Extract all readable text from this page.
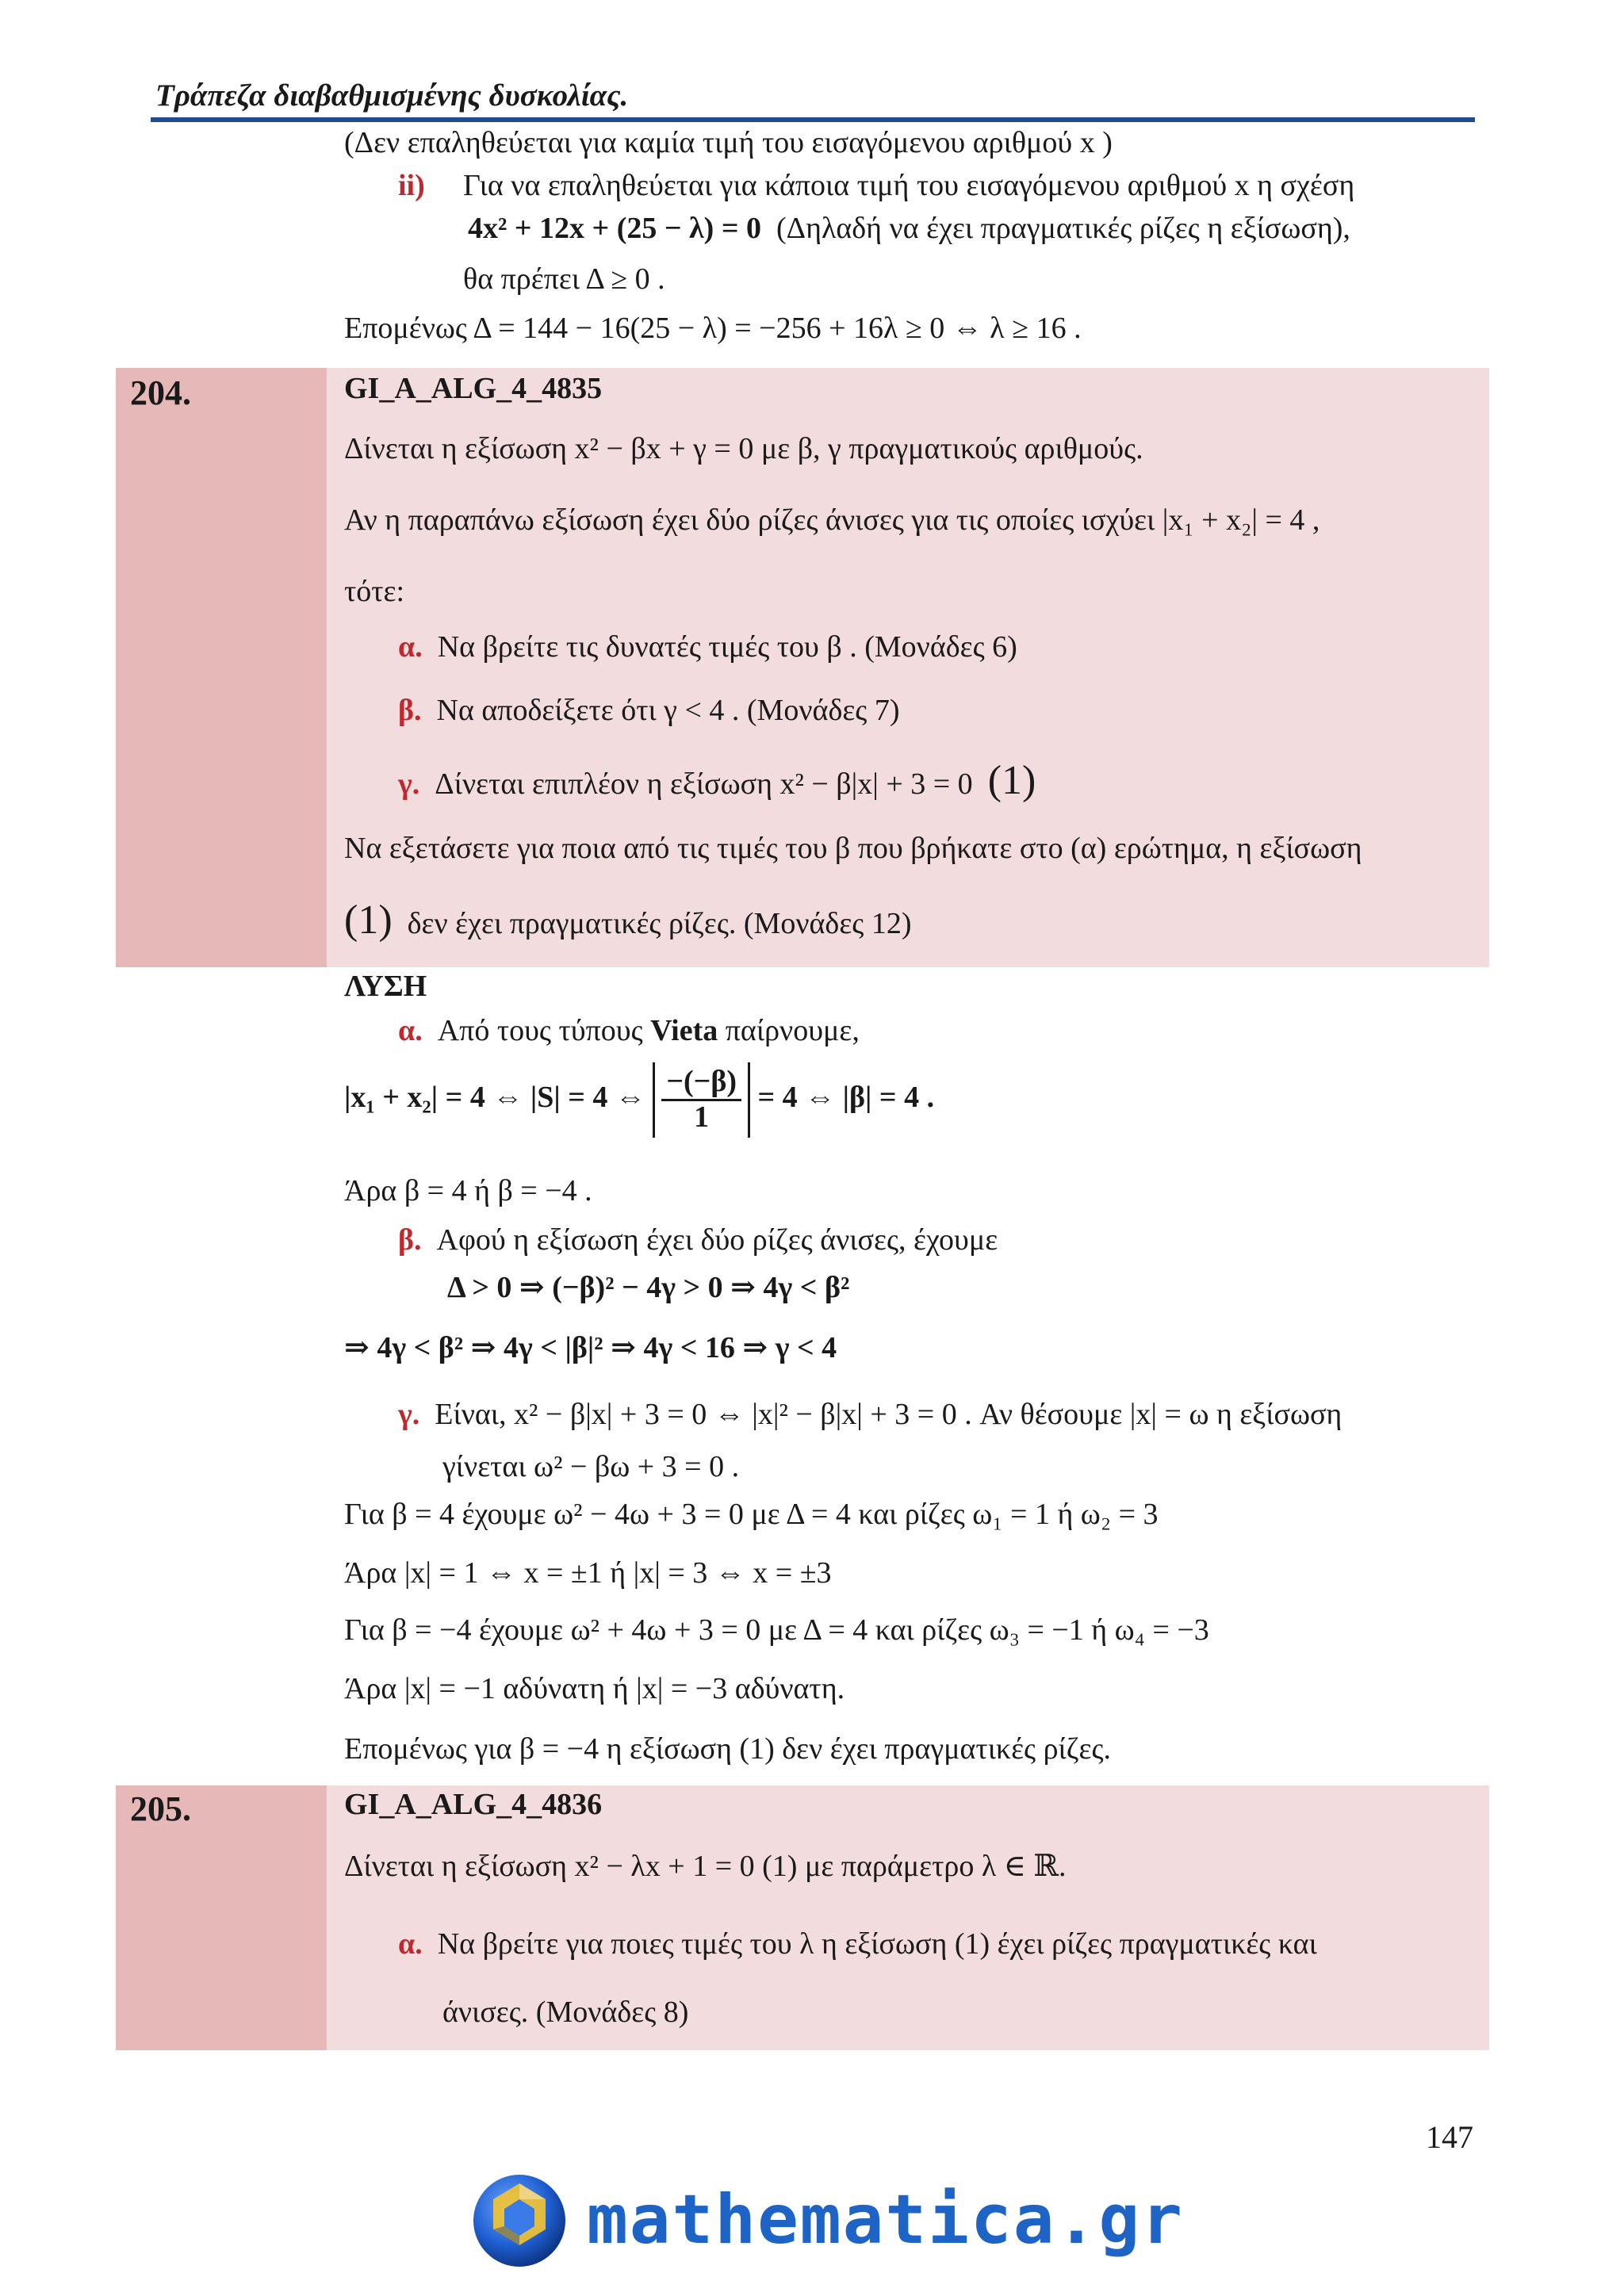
Τράπεζα διαβαθμισμένης δυσκολίας.
(Δεν επαληθεύεται για καμία τιμή του εισαγόμενου αριθμού x )
ii) Για να επαληθεύεται για κάποια τιμή του εισαγόμενου αριθμού x η σχέση
4x² + 12x + (25 − λ) = 0 (Δηλαδή να έχει πραγματικές ρίζες η εξίσωση),
θα πρέπει Δ ≥ 0 .
Επομένως Δ = 144 − 16(25 − λ) = −256 + 16λ ≥ 0 ⇔ λ ≥ 16 .
204.	GI_A_ALG_4_4835
Δίνεται η εξίσωση x² − βx + γ = 0 με β, γ πραγματικούς αριθμούς.
Αν η παραπάνω εξίσωση έχει δύο ρίζες άνισες για τις οποίες ισχύει |x₁ + x₂| = 4 ,
τότε:
α. Να βρείτε τις δυνατές τιμές του β . (Μονάδες 6)
β. Να αποδείξετε ότι γ < 4 . (Μονάδες 7)
γ. Δίνεται επιπλέον η εξίσωση x² − β|x| + 3 = 0 (1)
Να εξετάσετε για ποια από τις τιμές του β που βρήκατε στο (α) ερώτημα, η εξίσωση
(1) δεν έχει πραγματικές ρίζες. (Μονάδες 12)
ΛΥΣΗ
α. Από τους τύπους Vieta παίρνουμε,
|x₁ + x₂| = 4 ⇔ |S| = 4 ⇔ $\frac{-(-\beta)}{1} = 4$ ⇔ |β| = 4 .
Άρα β = 4 ή β = −4 .
β. Αφού η εξίσωση έχει δύο ρίζες άνισες, έχουμε
Δ > 0 ⇒ (−β)² − 4γ > 0 ⇒ 4γ < β²
⇒ 4γ < β² ⇒ 4γ < |β|² ⇒ 4γ < 16 ⇒ γ < 4
γ. Είναι, x² − β|x| + 3 = 0 ⇔ |x|² − β|x| + 3 = 0 . Αν θέσουμε |x| = ω η εξίσωση
γίνεται ω² − βω + 3 = 0 .
Για β = 4 έχουμε ω² − 4ω + 3 = 0 με Δ = 4 και ρίζες ω₁ = 1 ή ω₂ = 3
Άρα |x| = 1 ⇔ x = ±1 ή |x| = 3 ⇔ x = ±3
Για β = −4 έχουμε ω² + 4ω + 3 = 0 με Δ = 4 και ρίζες ω₃ = −1 ή ω₄ = −3
Άρα |x| = −1 αδύνατη ή |x| = −3 αδύνατη.
Επομένως για β = −4 η εξίσωση (1) δεν έχει πραγματικές ρίζες.
205.	GI_A_ALG_4_4836
Δίνεται η εξίσωση x² − λx + 1 = 0 (1) με παράμετρο λ ∈ ℝ.
α. Να βρείτε για ποιες τιμές του λ η εξίσωση (1) έχει ρίζες πραγματικές και
άνισες. (Μονάδες 8)
147
mathematica.gr
